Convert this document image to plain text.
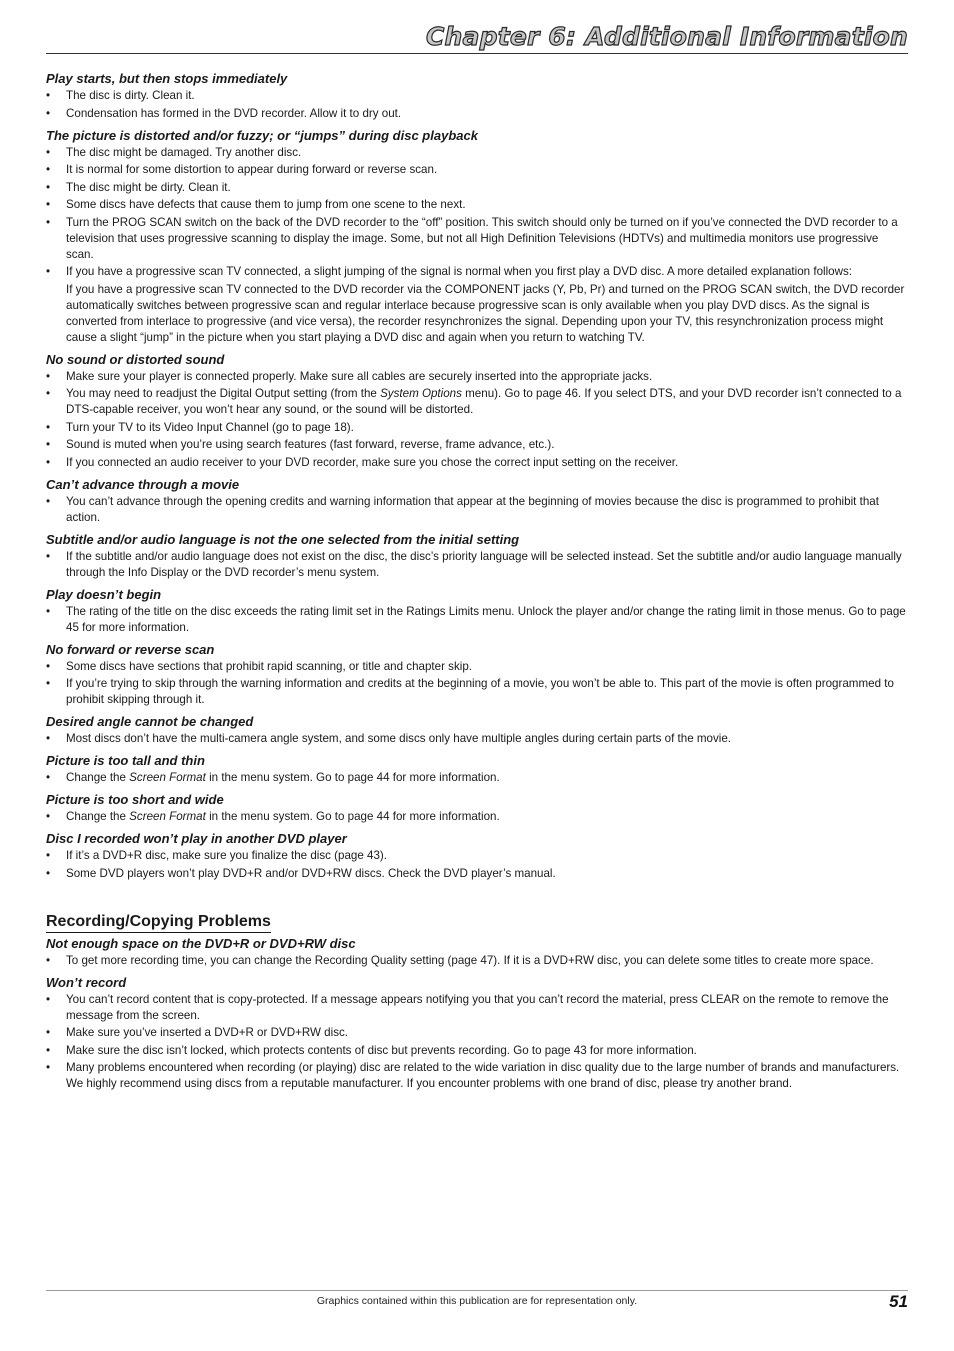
Chapter 6: Additional Information
Play starts, but then stops immediately
• The disc is dirty. Clean it.
• Condensation has formed in the DVD recorder. Allow it to dry out.
The picture is distorted and/or fuzzy; or “jumps” during disc playback
• The disc might be damaged. Try another disc.
• It is normal for some distortion to appear during forward or reverse scan.
• The disc might be dirty. Clean it.
• Some discs have defects that cause them to jump from one scene to the next.
• Turn the PROG SCAN switch on the back of the DVD recorder to the “off” position. This switch should only be turned on if you’ve connected the DVD recorder to a television that uses progressive scanning to display the image. Some, but not all High Definition Televisions (HDTVs) and multimedia monitors use progressive scan.
• If you have a progressive scan TV connected, a slight jumping of the signal is normal when you first play a DVD disc. A more detailed explanation follows:
If you have a progressive scan TV connected to the DVD recorder via the COMPONENT jacks (Y, Pb, Pr) and turned on the PROG SCAN switch, the DVD recorder automatically switches between progressive scan and regular interlace because progressive scan is only available when you play DVD discs. As the signal is converted from interlace to progressive (and vice versa), the recorder resynchronizes the signal. Depending upon your TV, this resynchronization process might cause a slight “jump” in the picture when you start playing a DVD disc and again when you return to watching TV.
No sound or distorted sound
• Make sure your player is connected properly. Make sure all cables are securely inserted into the appropriate jacks.
• You may need to readjust the Digital Output setting (from the System Options menu). Go to page 46. If you select DTS, and your DVD recorder isn’t connected to a DTS-capable receiver, you won’t hear any sound, or the sound will be distorted.
• Turn your TV to its Video Input Channel (go to page 18).
• Sound is muted when you’re using search features (fast forward, reverse, frame advance, etc.).
• If you connected an audio receiver to your DVD recorder, make sure you chose the correct input setting on the receiver.
Can’t advance through a movie
• You can’t advance through the opening credits and warning information that appear at the beginning of movies because the disc is programmed to prohibit that action.
Subtitle and/or audio language is not the one selected from the initial setting
• If the subtitle and/or audio language does not exist on the disc, the disc’s priority language will be selected instead. Set the subtitle and/or audio language manually through the Info Display or the DVD recorder’s menu system.
Play doesn’t begin
• The rating of the title on the disc exceeds the rating limit set in the Ratings Limits menu. Unlock the player and/or change the rating limit in those menus. Go to page 45 for more information.
No forward or reverse scan
• Some discs have sections that prohibit rapid scanning, or title and chapter skip.
• If you’re trying to skip through the warning information and credits at the beginning of a movie, you won’t be able to. This part of the movie is often programmed to prohibit skipping through it.
Desired angle cannot be changed
• Most discs don’t have the multi-camera angle system, and some discs only have multiple angles during certain parts of the movie.
Picture is too tall and thin
• Change the Screen Format in the menu system. Go to page 44 for more information.
Picture is too short and wide
• Change the Screen Format in the menu system. Go to page 44 for more information.
Disc I recorded won’t play in another DVD player
• If it’s a DVD+R disc, make sure you finalize the disc (page 43).
• Some DVD players won’t play DVD+R and/or DVD+RW discs. Check the DVD player’s manual.
Recording/Copying Problems
Not enough space on the DVD+R or DVD+RW disc
• To get more recording time, you can change the Recording Quality setting (page 47). If it is a DVD+RW disc, you can delete some titles to create more space.
Won’t record
• You can’t record content that is copy-protected. If a message appears notifying you that you can’t record the material, press CLEAR on the remote to remove the message from the screen.
• Make sure you’ve inserted a DVD+R or DVD+RW disc.
• Make sure the disc isn’t locked, which protects contents of disc but prevents recording. Go to page 43 for more information.
• Many problems encountered when recording (or playing) disc are related to the wide variation in disc quality due to the large number of brands and manufacturers. We highly recommend using discs from a reputable manufacturer. If you encounter problems with one brand of disc, please try another brand.
Graphics contained within this publication are for representation only.	51
